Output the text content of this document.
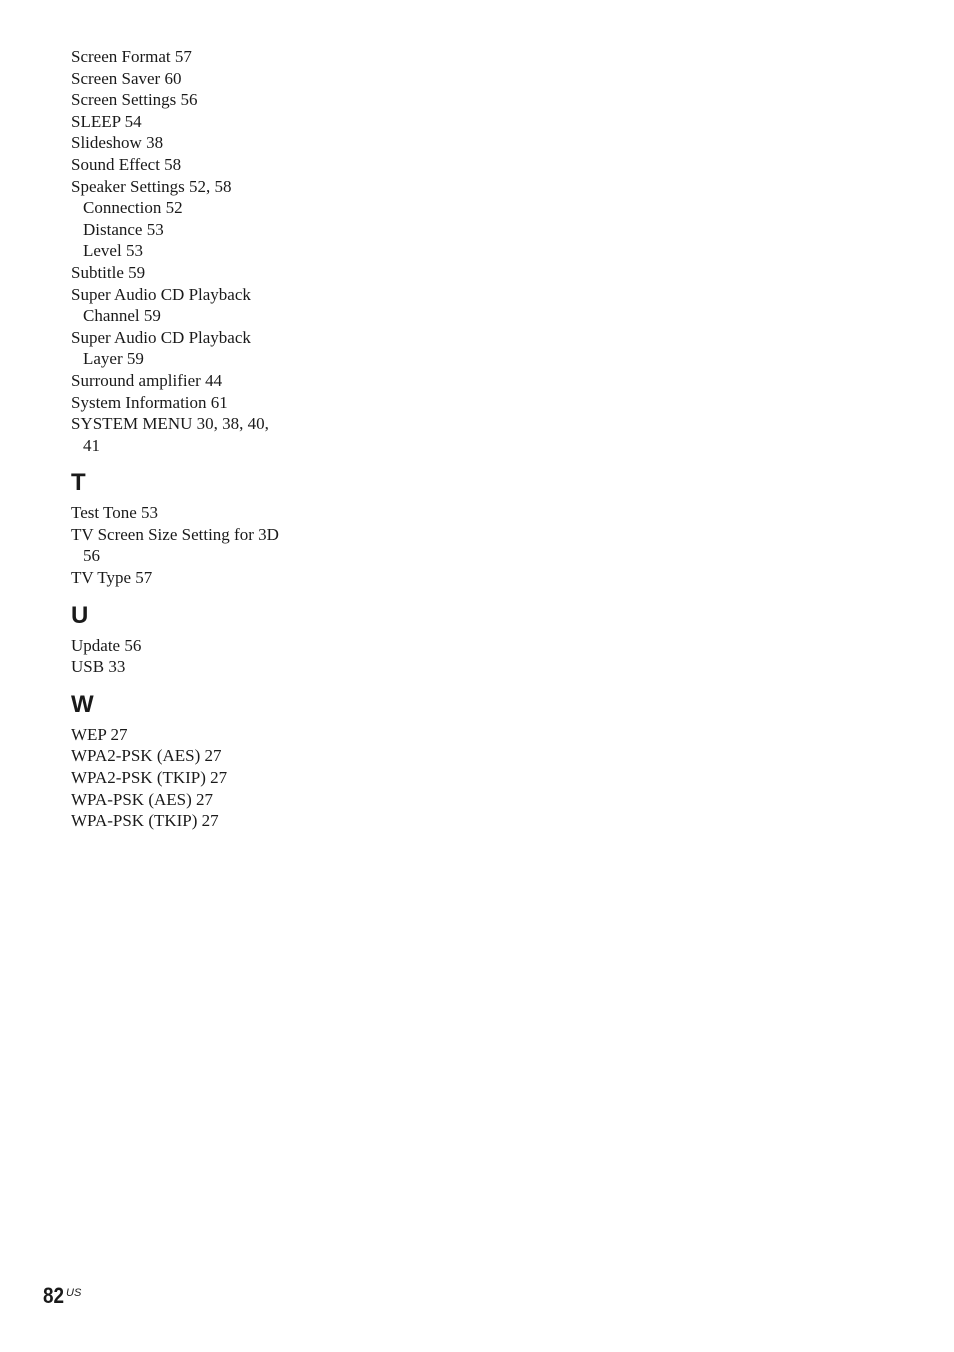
Screen Format 57
Screen Saver 60
Screen Settings 56
SLEEP 54
Slideshow 38
Sound Effect 58
Speaker Settings 52, 58
Connection 52
Distance 53
Level 53
Subtitle 59
Super Audio CD Playback
Channel 59
Super Audio CD Playback
Layer 59
Surround amplifier 44
System Information 61
SYSTEM MENU 30, 38, 40,
41
T
Test Tone 53
TV Screen Size Setting for 3D
56
TV Type 57
U
Update 56
USB 33
W
WEP 27
WPA2-PSK (AES) 27
WPA2-PSK (TKIP) 27
WPA-PSK (AES) 27
WPA-PSK (TKIP) 27
82 US
